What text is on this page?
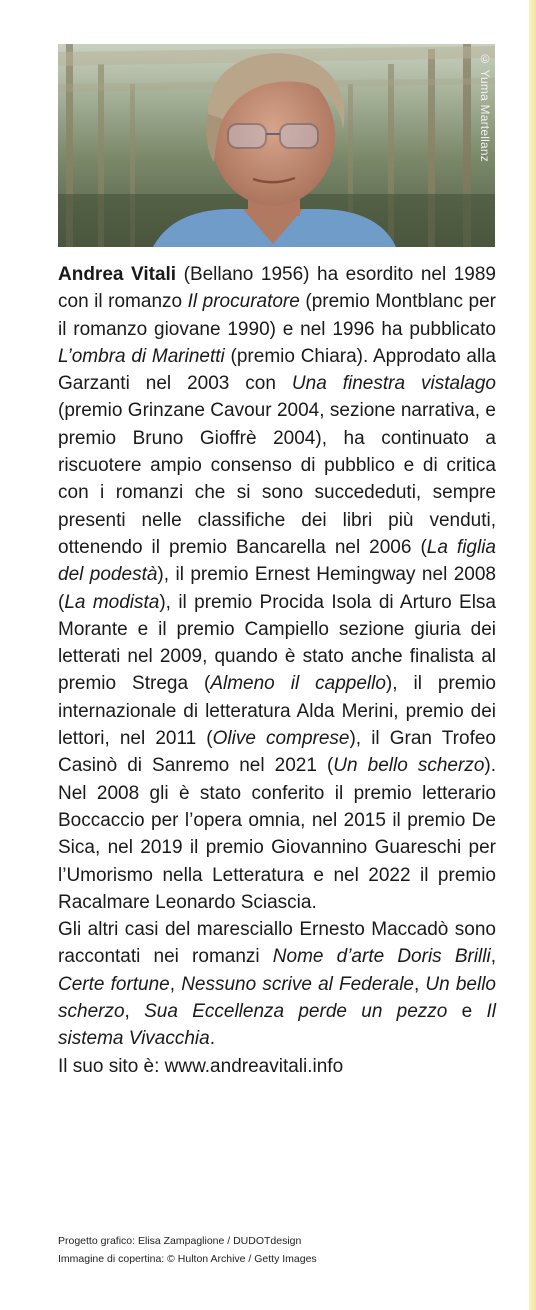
© Yuma Martellanz

Andrea Vitali (Bellano 1956) ha esordito nel 1989 con il romanzo Il procuratore (premio Montblanc per il romanzo giovane 1990) e nel 1996 ha pubblicato L’ombra di Marinetti (premio Chiara). Approdato alla Garzanti nel 2003 con Una finestra vistalago (premio Grinzane Cavour 2004, sezione narrativa, e premio Bruno Gioffrè 2004), ha continuato a riscuotere ampio consenso di pubblico e di critica con i romanzi che si sono succededuti, sempre presenti nelle classifiche dei libri più venduti, ottenendo il premio Bancarella nel 2006 (La figlia del podestà), il premio Ernest Hemingway nel 2008 (La modista), il premio Procida Isola di Arturo Elsa Morante e il premio Campiello sezione giuria dei letterati nel 2009, quando è stato anche finalista al premio Strega (Almeno il cappello), il premio internazionale di letteratura Alda Merini, premio dei lettori, nel 2011 (Olive comprese), il Gran Trofeo Casinò di Sanremo nel 2021 (Un bello scherzo). Nel 2008 gli è stato conferito il premio letterario Boccaccio per l’opera omnia, nel 2015 il premio De Sica, nel 2019 il premio Giovannino Guareschi per l’Umorismo nella Letteratura e nel 2022 il premio Racalmare Leonardo Sciascia.

Gli altri casi del maresciallo Ernesto Maccadò sono raccontati nei romanzi Nome d’arte Doris Brilli, Certe fortune, Nessuno scrive al Federale, Un bello scherzo, Sua Eccellenza perde un pezzo e Il sistema Vivacchia.

Il suo sito è: www.andreavitali.info

Progetto grafico: Elisa Zampaglione / DUDOTdesign
Immagine di copertina: © Hulton Archive / Getty Images
